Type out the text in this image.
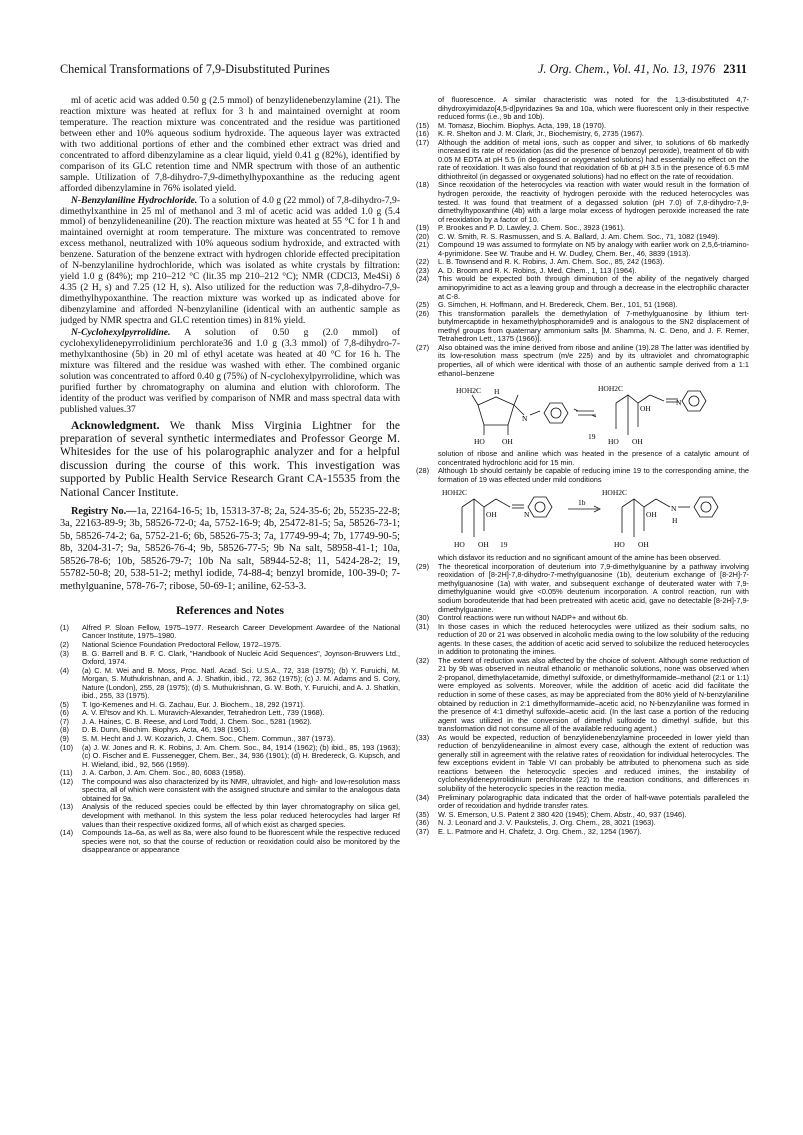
Chemical Transformations of 7,9-Disubstituted Purines	J. Org. Chem., Vol. 41, No. 13, 1976 2311

ml of acetic acid was added 0.50 g (2.5 mmol) of benzylidenebenzylamine (21). The reaction mixture was heated at reflux for 3 h and maintained overnight at room temperature. The reaction mixture was concentrated and the residue was partitioned between ether and 10% aqueous sodium hydroxide. The aqueous layer was extracted with two additional portions of ether and the combined ether extract was dried and concentrated to afford dibenzylamine as a clear liquid, yield 0.41 g (82%), identified by comparison of its GLC retention time and NMR spectrum with those of an authentic sample. Utilization of 7,8-dihydro-7,9-dimethylhypoxanthine as the reducing agent afforded dibenzylamine in 76% isolated yield.

N-Benzylaniline Hydrochloride. To a solution of 4.0 g (22 mmol) of 7,8-dihydro-7,9-dimethylxanthine in 25 ml of methanol and 3 ml of acetic acid was added 1.0 g (5.4 mmol) of benzylideneaniline (20). The reaction mixture was heated at 55 °C for 1 h and maintained overnight at room temperature. The mixture was concentrated to remove excess methanol, neutralized with 10% aqueous sodium hydroxide, and extracted with benzene. Saturation of the benzene extract with hydrogen chloride effected precipitation of N-benzylaniline hydrochloride, which was isolated as white crystals by filtration: yield 1.0 g (84%); mp 210–212 °C (lit.35 mp 210–212 °C); NMR (CDCl3, Me4Si) δ 4.35 (2 H, s) and 7.25 (12 H, s). Also utilized for the reduction was 7,8-dihydro-7,9-dimethylhypoxanthine. The reaction mixture was worked up as indicated above for dibenzylamine and afforded N-benzylaniline (identical with an authentic sample as judged by NMR spectra and GLC retention times) in 81% yield.

N-Cyclohexylpyrrolidine. A solution of 0.50 g (2.0 mmol) of cyclohexylidenepyrrolidinium perchlorate36 and 1.0 g (3.3 mmol) of 7,8-dihydro-7-methylxanthosine (5b) in 20 ml of ethyl acetate was heated at 40 °C for 16 h. The mixture was filtered and the residue was washed with ether. The combined organic solution was concentrated to afford 0.40 g (75%) of N-cyclohexylpyrrolidine, which was purified further by chromatography on alumina and elution with chloroform. The identity of the product was verified by comparison of NMR and mass spectral data with published values.37

Acknowledgment. We thank Miss Virginia Lightner for the preparation of several synthetic intermediates and Professor George M. Whitesides for the use of his polarographic analyzer and for a helpful discussion during the course of this work. This investigation was supported by Public Health Service Research Grant CA-15535 from the National Cancer Institute.

Registry No.—1a, 22164-16-5; 1b, 15313-37-8; 2a, 524-35-6; 2b, 55235-22-8; 3a, 22163-89-9; 3b, 58526-72-0; 4a, 5752-16-9; 4b, 25472-81-5; 5a, 58526-73-1; 5b, 58526-74-2; 6a, 5752-21-6; 6b, 58526-75-3; 7a, 17749-99-4; 7b, 17749-90-5; 8b, 3204-31-7; 9a, 58526-76-4; 9b, 58526-77-5; 9b Na salt, 58958-41-1; 10a, 58526-78-6; 10b, 58526-79-7; 10b Na salt, 58944-52-8; 11, 5424-28-2; 19, 55782-50-8; 20, 538-51-2; methyl iodide, 74-88-4; benzyl bromide, 100-39-0; 7-methylguanine, 578-76-7; ribose, 50-69-1; aniline, 62-53-3.

References and Notes
(1)	Alfred P. Sloan Fellow, 1975–1977. Research Career Development Awardee of the National Cancer Institute, 1975–1980.
(2)	National Science Foundation Predoctoral Fellow, 1972–1975.
(3)	B. G. Barrell and B. F. C. Clark, "Handbook of Nucleic Acid Sequences", Joynson-Bruvvers Ltd., Oxford, 1974.
(4)	(a) C. M. Wei and B. Moss, Proc. Natl. Acad. Sci. U.S.A., 72, 318 (1975); (b) Y. Furuichi, M. Morgan, S. Muthukrishnan, and A. J. Shatkin, ibid., 72, 362 (1975); (c) J. M. Adams and S. Cory, Nature (London), 255, 28 (1975); (d) S. Muthukrishnan, G. W. Both, Y. Furuichi, and A. J. Shatkin, ibid., 255, 33 (1975).
(5)	T. Igo-Kemenes and H. G. Zachau, Eur. J. Biochem., 18, 292 (1971).
(6)	A. V. El'tsov and Kh. L. Muravich-Alexander, Tetrahedron Lett., 739 (1968).
(7)	J. A. Haines, C. B. Reese, and Lord Todd, J. Chem. Soc., 5281 (1962).
(8)	D. B. Dunn, Biochim. Biophys. Acta, 46, 198 (1961).
(9)	S. M. Hecht and J. W. Kozarich, J. Chem. Soc., Chem. Commun., 387 (1973).
(10)	(a) J. W. Jones and R. K. Robins, J. Am. Chem. Soc., 84, 1914 (1962); (b) ibid., 85, 193 (1963); (c) O. Fischer and E. Fussenegger, Chem. Ber., 34, 936 (1901); (d) H. Bredereck, G. Kupsch, and H. Wieland, ibid., 92, 566 (1959).
(11)	J. A. Carbon, J. Am. Chem. Soc., 80, 6083 (1958).
(12)	The compound was also characterized by its NMR, ultraviolet, and high- and low-resolution mass spectra, all of which were consistent with the assigned structure and similar to the analogous data obtained for 9a.
(13)	Analysis of the reduced species could be effected by thin layer chromatography on silica gel, development with methanol. In this system the less polar reduced heterocycles had larger Rf values than their respective oxidized forms, all of which exist as charged species.
(14)	Compounds 1a–6a, as well as 8a, were also found to be fluorescent while the respective reduced species were not, so that the course of reduction or reoxidation could also be monitored by the disappearance or appearance
of fluorescence. A similar characteristic was noted for the 1,3-disubstituted 4,7-dihydroxyimidazo[4,5-d]pyridazines 9a and 10a, which were fluorescent only in their respective reduced forms (i.e., 9b and 10b).
(15)	M. Tomasz, Biochim. Biophys. Acta, 199, 18 (1970).
(16)	K. R. Shelton and J. M. Clark, Jr., Biochemistry, 6, 2735 (1967).
(17)	Although the addition of metal ions, such as copper and silver, to solutions of 6b markedly increased its rate of reoxidation (as did the presence of benzoyl peroxide), treatment of 6b with 0.05 M EDTA at pH 5.5 (in degassed or oxygenated solutions) had essentially no effect on the rate of reoxidation. It was also found that reoxidation of 6b at pH 3.5 in the presence of 6.5 mM dithiothreitol (in degassed or oxygenated solutions) had no effect on the rate of reoxidation.
(18)	Since reoxidation of the heterocycles via reaction with water would result in the formation of hydrogen peroxide, the reactivity of hydrogen peroxide with the reduced heterocycles was tested. It was found that treatment of a degassed solution (pH 7.0) of 7,8-dihydro-7,9-dimethylhypoxanthine (4b) with a large molar excess of hydrogen peroxide increased the rate of reoxidation by a factor of 10.
(19)	P. Brookes and P. D. Lawley, J. Chem. Soc., 3923 (1961).
(20)	C. W. Smith, R. S. Rasmussen, and S. A. Ballard, J. Am. Chem. Soc., 71, 1082 (1949).
(21)	Compound 19 was assumed to formylate on N5 by analogy with earlier work on 2,5,6-triamino-4-pyrimidone. See W. Traube and H. W. Dudley, Chem. Ber., 46, 3839 (1913).
(22)	L. B. Townsend and R. K. Robins, J. Am. Chem. Soc., 85, 242 (1963).
(23)	A. D. Broom and R. K. Robins, J. Med. Chem., 1, 113 (1964).
(24)	This would be expected both through diminution of the ability of the negatively charged aminopyrimidine to act as a leaving group and through a decrease in the electrophilic character at C-8.
(25)	G. Simchen, H. Hoffmann, and H. Bredereck, Chem. Ber., 101, 51 (1968).
(26)	This transformation parallels the demethylation of 7-methylguanosine by lithium tert-butylmercaptide in hexamethylphosphoramide9 and is analogous to the SN2 displacement of methyl groups from quaternary ammonium salts [M. Shamma, N. C. Deno, and J. F. Remer, Tetrahedron Lett., 1375 (1966)].
(27)	Also obtained was the imine derived from ribose and aniline (19).28 The latter was identified by its low-resolution mass spectrum (m/e 225) and by its ultraviolet and chromatographic properties, all of which were identical with those of an authentic sample derived from a 1:1 ethanol–benzene
HOH2C H
N
HO OH
HOH2C
OH
19
HO OH
N
solution of ribose and aniline which was heated in the presence of a catalytic amount of concentrated hydrochloric acid for 15 min.
(28)	Although 1b should certainly be capable of reducing imine 19 to the corresponding amine, the formation of 19 was effected under mild conditions
HOH2C
OH	N
HO OH 19
1b
HOH2C
OH
N
H
HO OH
which disfavor its reduction and no significant amount of the amine has been observed.
(29)	The theoretical incorporation of deuterium into 7,9-dimethylguanine by a pathway involving reoxidation of [8-2H]-7,8-dihydro-7-methylguanosine (1b), deuterium exchange of [8-2H]-7-methylguanosine (1a) with water, and subsequent exchange of deuterated water with 7,9-dimethylguanine would give <0.05% deuterium incorporation. A control reaction, run with sodium borodeuteride that had been pretreated with acetic acid, gave no detectable [8-2H]-7,9-dimethylguanine.
(30)	Control reactions were run without NADP+ and without 6b.
(31)	In those cases in which the reduced heterocycles were utilized as their sodium salts, no reduction of 20 or 21 was observed in alcoholic media owing to the low solubility of the reducing agents. In these cases, the addition of acetic acid served to solubilize the reduced heterocycles in addition to protonating the imines.
(32)	The extent of reduction was also affected by the choice of solvent. Although some reduction of 21 by 9b was observed in neutral ethanolic or methanolic solutions, none was observed when 2-propanol, dimethylacetamide, dimethyl sulfoxide, or dimethylformamide–methanol (2:1 or 1:1) were employed as solvents. Moreover, while the addition of acetic acid did facilitate the reduction in some of these cases, as may be appreciated from the 80% yield of N-benzylaniline obtained by reduction in 2:1 dimethylformamide–acetic acid, no N-benzylaniline was formed in the presence of 4:1 dimethyl sulfoxide–acetic acid. (In the last case a portion of the reducing agent was utilized in the conversion of dimethyl sulfoxide to dimethyl sulfide, but this transformation did not consume all of the available reducing agent.)
(33)	As would be expected, reduction of benzylidenebenzylamine proceeded in lower yield than reduction of benzylideneaniline in almost every case, although the extent of reduction was generally still in agreement with the relative rates of reoxidation for individual heterocycles. The few exceptions evident in Table VI can probably be attributed to phenomena such as side reactions between the heterocyclic species and reduced imines, the instability of cyclohexylidenepyrrolidinium perchlorate (22) to the reaction conditions, and differences in solubility of the heterocyclic species in the reaction media.
(34)	Preliminary polarographic data indicated that the order of half-wave potentials paralleled the order of reoxidation and hydride transfer rates.
(35)	W. S. Emerson, U.S. Patent 2 380 420 (1945); Chem. Abstr., 40, 937 (1946).
(36)	N. J. Leonard and J. V. Paukstelis, J. Org. Chem., 28, 3021 (1963).
(37)	E. L. Patmore and H. Chafetz, J. Org. Chem., 32, 1254 (1967).
